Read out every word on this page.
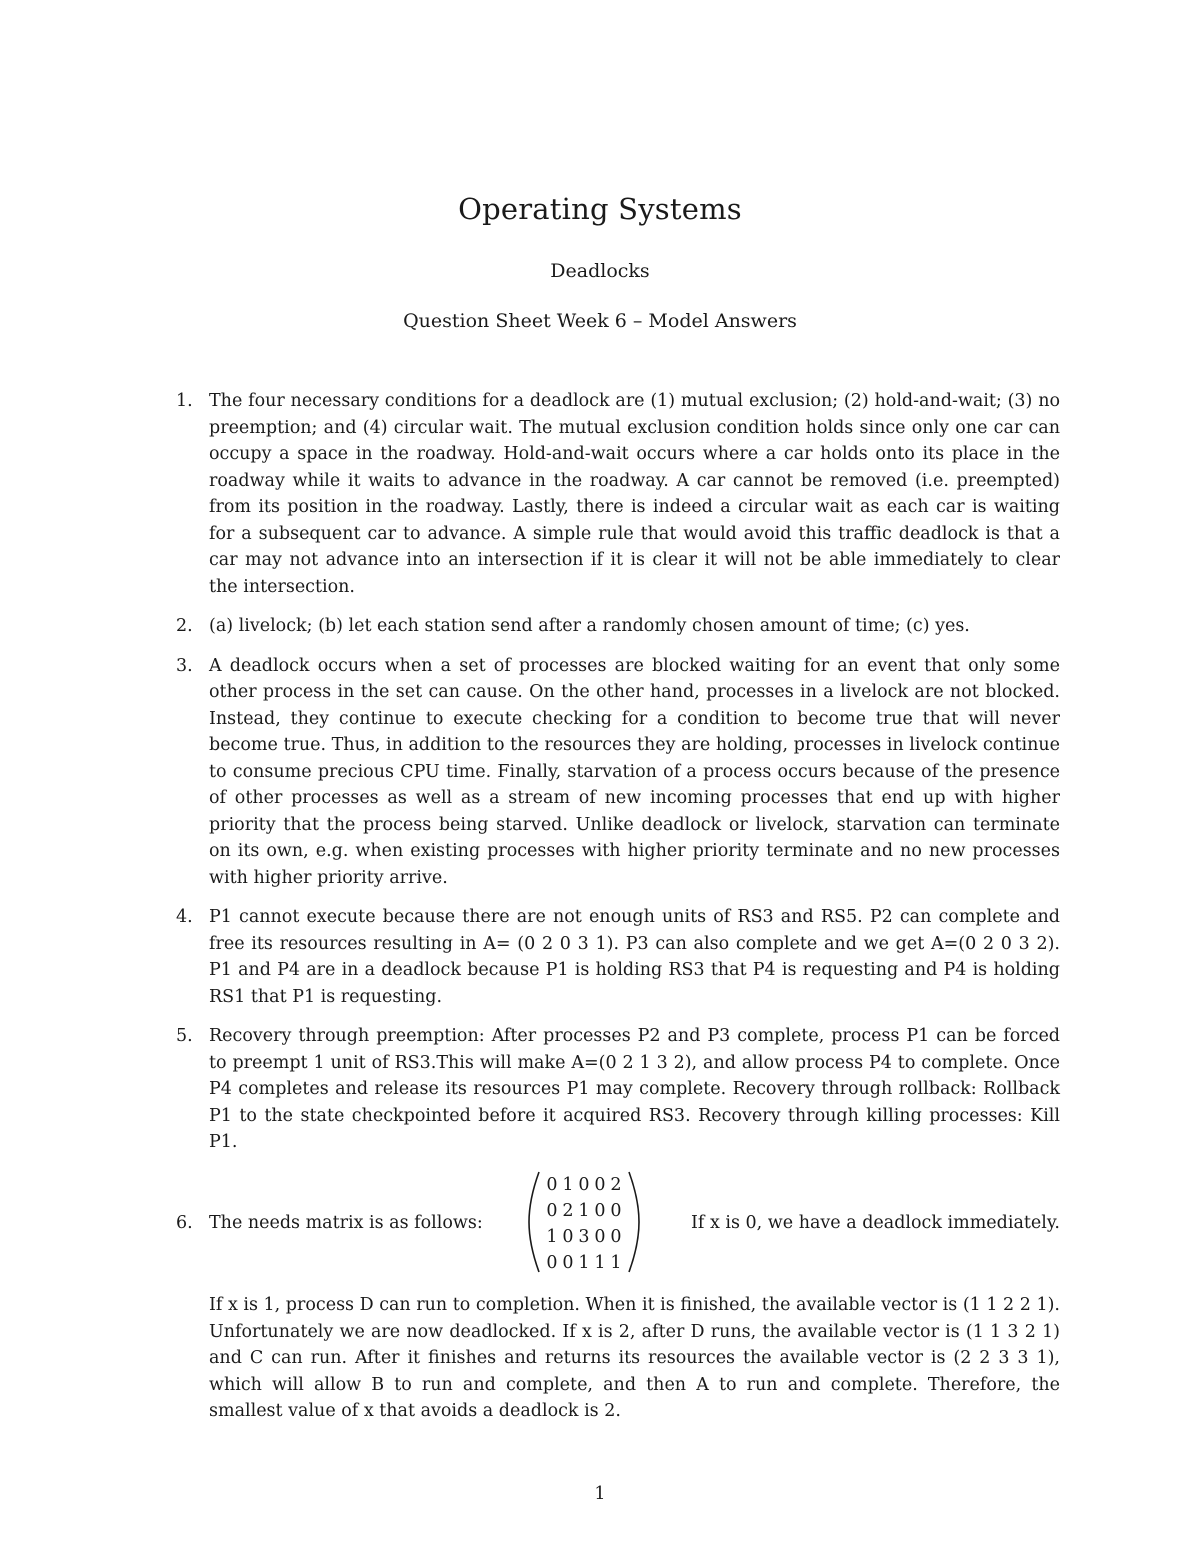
Operating Systems
Deadlocks
Question Sheet Week 6 – Model Answers
1. The four necessary conditions for a deadlock are (1) mutual exclusion; (2) hold-and-wait; (3) no preemption; and (4) circular wait. The mutual exclusion condition holds since only one car can occupy a space in the roadway. Hold-and-wait occurs where a car holds onto its place in the roadway while it waits to advance in the roadway. A car cannot be removed (i.e. preempted) from its position in the roadway. Lastly, there is indeed a circular wait as each car is waiting for a subsequent car to advance. A simple rule that would avoid this traffic deadlock is that a car may not advance into an intersection if it is clear it will not be able immediately to clear the intersection.
2. (a) livelock; (b) let each station send after a randomly chosen amount of time; (c) yes.
3. A deadlock occurs when a set of processes are blocked waiting for an event that only some other process in the set can cause. On the other hand, processes in a livelock are not blocked. Instead, they continue to execute checking for a condition to become true that will never become true. Thus, in addition to the resources they are holding, processes in livelock continue to consume precious CPU time. Finally, starvation of a process occurs because of the presence of other processes as well as a stream of new incoming processes that end up with higher priority that the process being starved. Unlike deadlock or livelock, starvation can terminate on its own, e.g. when existing processes with higher priority terminate and no new processes with higher priority arrive.
4. P1 cannot execute because there are not enough units of RS3 and RS5. P2 can complete and free its resources resulting in A= (0 2 0 3 1). P3 can also complete and we get A=(0 2 0 3 2). P1 and P4 are in a deadlock because P1 is holding RS3 that P4 is requesting and P4 is holding RS1 that P1 is requesting.
5. Recovery through preemption: After processes P2 and P3 complete, process P1 can be forced to preempt 1 unit of RS3.This will make A=(0 2 1 3 2), and allow process P4 to complete. Once P4 completes and release its resources P1 may complete. Recovery through rollback: Rollback P1 to the state checkpointed before it acquired RS3. Recovery through killing processes: Kill P1.
6. The needs matrix is as follows:
0 1 0 0 2
0 2 1 0 0
1 0 3 0 0
0 0 1 1 1
If x is 0, we have a deadlock immediately.
If x is 1, process D can run to completion. When it is finished, the available vector is (1 1 2 2 1). Unfortunately we are now deadlocked. If x is 2, after D runs, the available vector is (1 1 3 2 1) and C can run. After it finishes and returns its resources the available vector is (2 2 3 3 1), which will allow B to run and complete, and then A to run and complete. Therefore, the smallest value of x that avoids a deadlock is 2.
1
